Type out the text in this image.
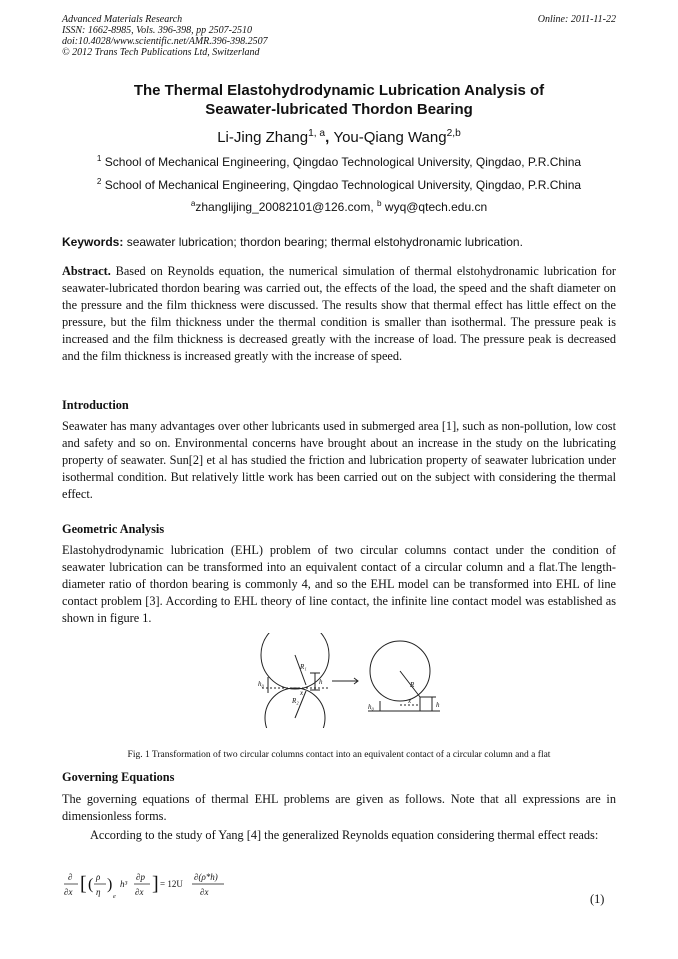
Advanced Materials Research
ISSN: 1662-8985, Vols. 396-398, pp 2507-2510
doi:10.4028/www.scientific.net/AMR.396-398.2507
© 2012 Trans Tech Publications Ltd, Switzerland
Online: 2011-11-22
The Thermal Elastohydrodynamic Lubrication Analysis of
Seawater-lubricated Thordon Bearing
Li-Jing Zhang$^{1, a}$, You-Qiang Wang$^{2,b}$
$^1$ School of Mechanical Engineering, Qingdao Technological University, Qingdao, P.R.China
$^2$ School of Mechanical Engineering, Qingdao Technological University, Qingdao, P.R.China
$^a$zhanglijing_20082101@126.com, $^b$ wyq@qtech.edu.cn
Keywords: seawater lubrication; thordon bearing; thermal elstohydronamic lubrication.
Abstract. Based on Reynolds equation, the numerical simulation of thermal elstohydronamic lubrication for seawater-lubricated thordon bearing was carried out, the effects of the load, the speed and the shaft diameter on the pressure and the film thickness were discussed. The results show that thermal effect has little effect on the pressure, but the film thickness under the thermal condition is smaller than isothermal. The pressure peak is increased and the film thickness is decreased greatly with the increase of load. The pressure peak is decreased and the film thickness is increased greatly with the increase of speed.
Introduction
Seawater has many advantages over other lubricants used in submerged area [1], such as non-pollution, low cost and safety and so on. Environmental concerns have brought about an increase in the study on the lubricating property of seawater. Sun[2] et al has studied the friction and lubrication property of seawater lubrication under isothermal condition. But relatively little work has been carried out on the subject with considering the thermal effect.
Geometric Analysis
Elastohydrodynamic lubrication (EHL) problem of two circular columns contact under the condition of seawater lubrication can be transformed into an equivalent contact of a circular column and a flat.The length-diameter ratio of thordon bearing is commonly 4, and so the EHL model can be transformed into EHL of line contact problem [3]. According to EHL theory of line contact, the infinite line contact model was established as shown in figure 1.
h₀	h
R₁
R₂
x
R
h₀	h
x
Fig. 1 Transformation of two circular columns contact into an equivalent contact of a circular column and a flat
Governing Equations
The governing equations of thermal EHL problems are given as follows. Note that all expressions are in dimensionless forms.
According to the study of Yang [4] the generalized Reynolds equation considering thermal effect reads:
∂
∂x [ ( ρ
η )
e
h³
∂p
∂x ] = 12U
∂(ρ*h)
∂x	(1)
